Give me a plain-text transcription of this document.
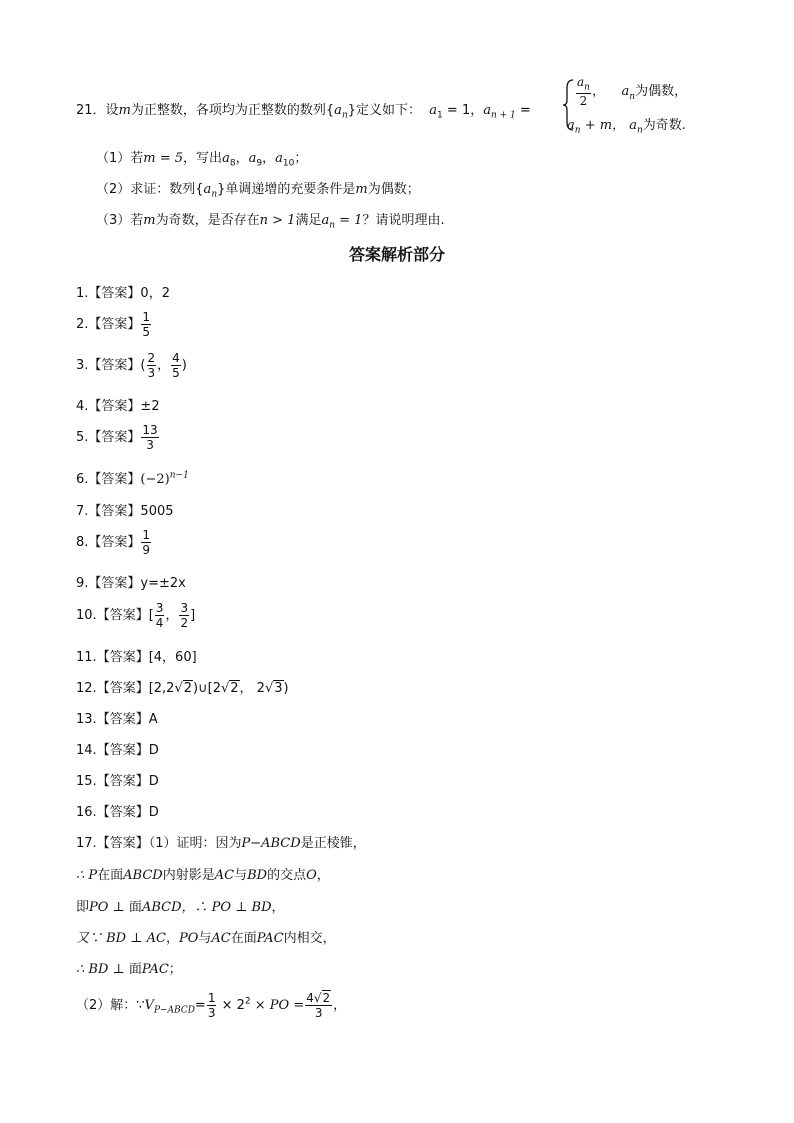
21．设m为正整数，各项均为正整数的数列$\{a_n\}$定义如下： $a_1 = 1$，$a_{n + 1}$ =
$\frac{a_n}{2}$ ， $a_n$为偶数，
$a_n + m$， $a_n$为奇数.
（1）若m = 5，写出$a_8$，$a_9$，$a_{10}$；
（2）求证：数列$\{a_n\}$单调递增的充要条件是m为偶数；
（3）若m为奇数，是否存在n > 1满足$a_n = 1$？请说明理由.
答案解析部分
1.【答案】0，2
2.【答案】 $\frac{1}{5}$
3.【答案】( $\frac{2}{3}$ ， $\frac{4}{5}$ )
4.【答案】±2
5.【答案】 $\frac{13}{3}$
6.【答案】$(-2)^{n-1}$
7.【答案】5005
8.【答案】 $\frac{1}{9}$
9.【答案】y=±2x
10.【答案】[ $\frac{3}{4}$ ， $\frac{3}{2}$ ]
11.【答案】[4，60]
12.【答案】[2,2√2)∪[2√2， 2√3)
13.【答案】A
14.【答案】D
15.【答案】D
16.【答案】D
17.【答案】（1）证明：因为P−ABCD是正棱锥，
∴ P在面ABCD内射影是AC与BD的交点O，
即PO ⊥ 面ABCD，∴ PO ⊥ BD，
又∵ BD ⊥ AC，PO与AC在面PAC内相交，
∴ BD ⊥ 面PAC；
（2）解：$\because V_{P-ABCD}= \frac{1}{3} \times 2^2$ × PO = $\frac{4√2}{3}$ ，
